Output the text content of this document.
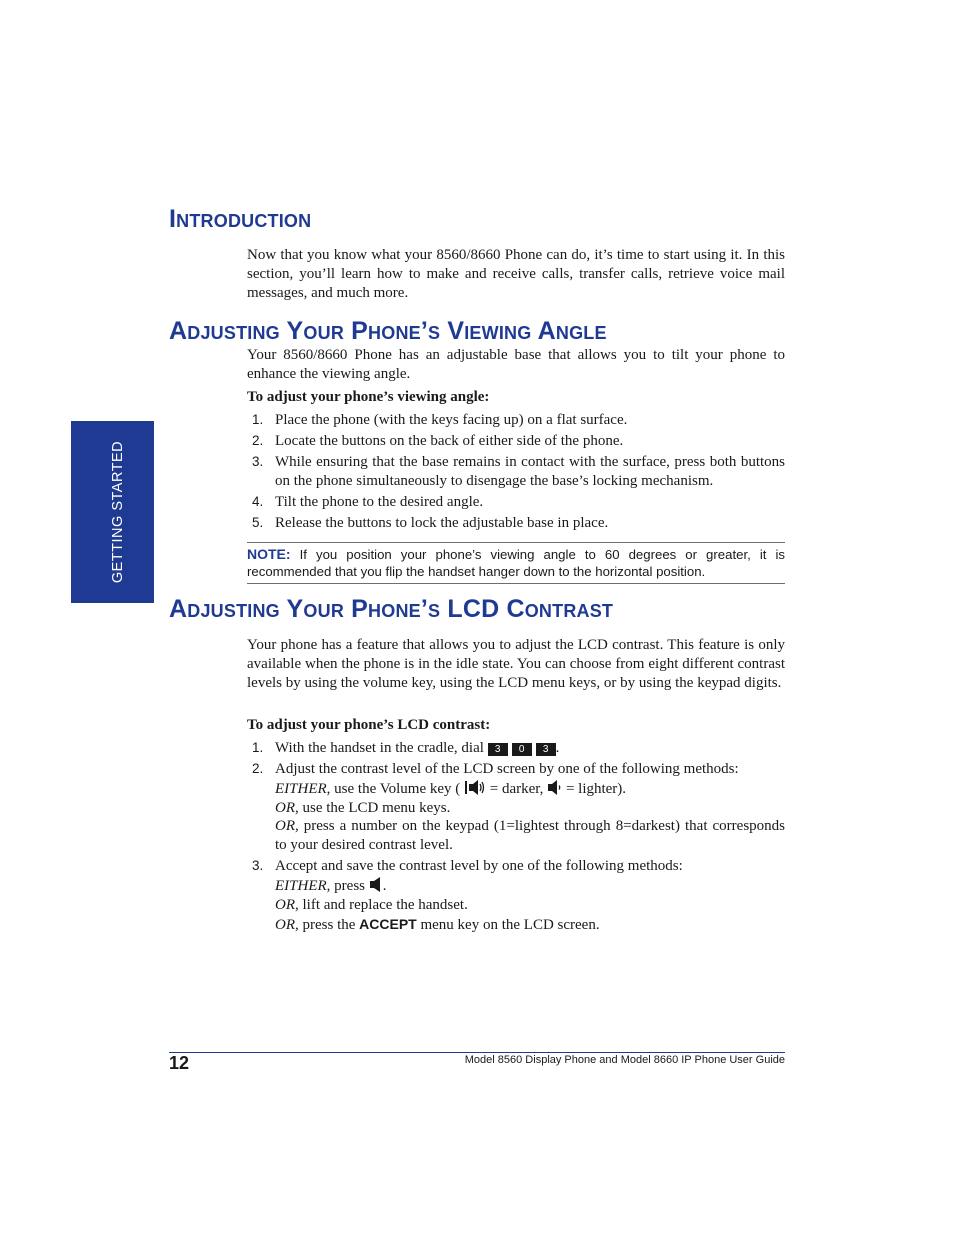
GETTING STARTED
Introduction

Now that you know what your 8560/8660 Phone can do, it’s time to start using it. In this section, you’ll learn how to make and receive calls, transfer calls, retrieve voice mail messages, and much more.

Adjusting Your Phone’s Viewing Angle

Your 8560/8660 Phone has an adjustable base that allows you to tilt your phone to enhance the viewing angle.

To adjust your phone’s viewing angle:

1. Place the phone (with the keys facing up) on a flat surface.
2. Locate the buttons on the back of either side of the phone.
3. While ensuring that the base remains in contact with the surface, press both buttons on the phone simultaneously to disengage the base’s locking mechanism.
4. Tilt the phone to the desired angle.
5. Release the buttons to lock the adjustable base in place.
NOTE: If you position your phone’s viewing angle to 60 degrees or greater, it is recommended that you flip the handset hanger down to the horizontal position.
Adjusting Your Phone’s LCD Contrast

Your phone has a feature that allows you to adjust the LCD contrast. This feature is only available when the phone is in the idle state. You can choose from eight different contrast levels by using the volume key, using the LCD menu keys, or by using the keypad digits.

To adjust your phone’s LCD contrast:

1. With the handset in the cradle, dial 3 0 3 .
2. Adjust the contrast level of the LCD screen by one of the following methods:
EITHER, use the Volume key ( = darker, = lighter).
OR, use the LCD menu keys.

OR, press a number on the keypad (1=lightest through 8=darkest) that corresponds to your desired contrast level.
3. Accept and save the contrast level by one of the following methods:
EITHER, press .
OR, lift and replace the handset.
OR, press the ACCEPT menu key on the LCD screen.
12	Model 8560 Display Phone and Model 8660 IP Phone User Guide
